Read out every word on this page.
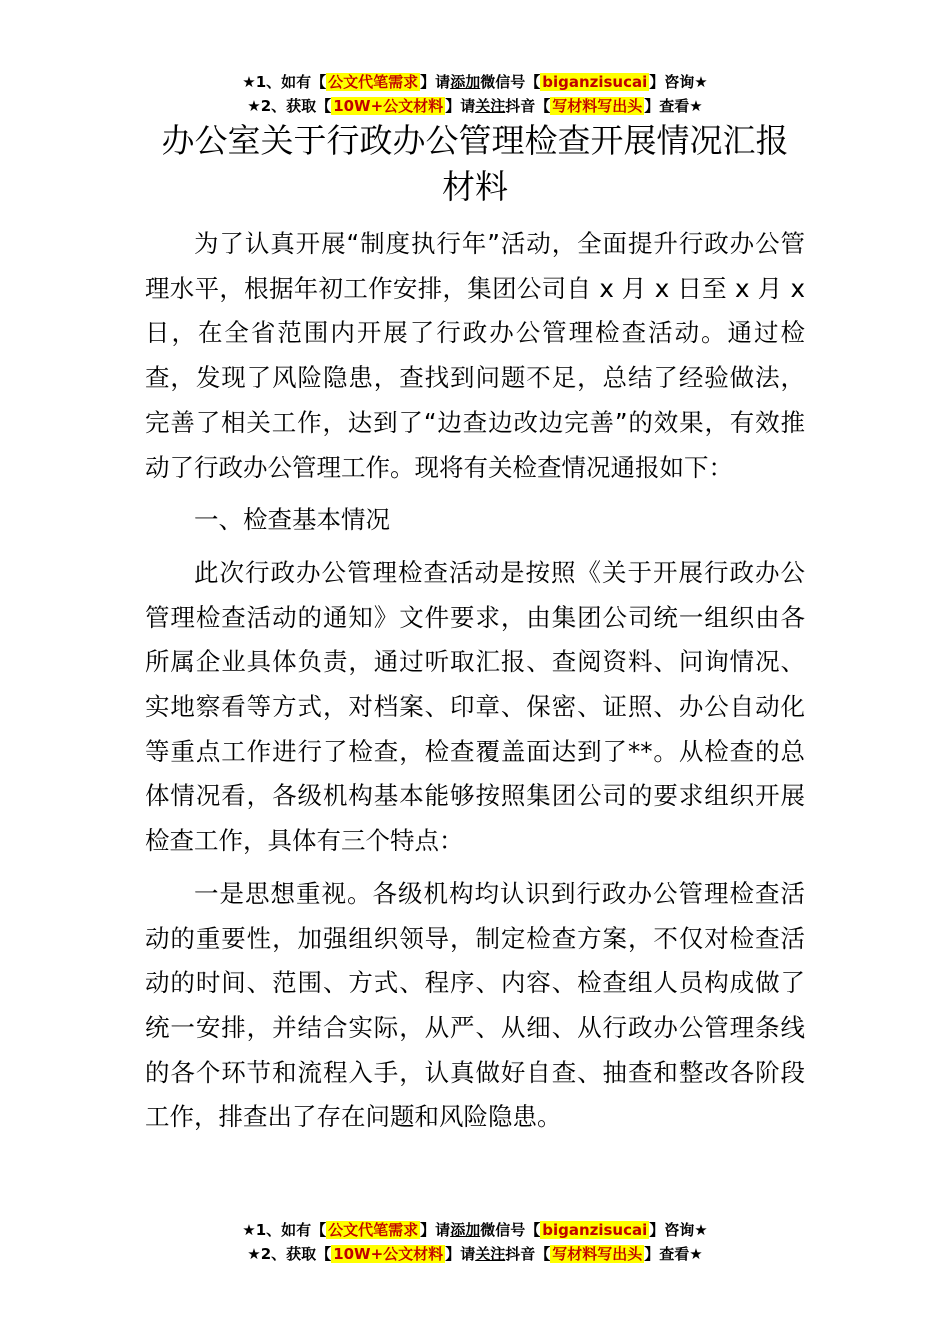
★1、如有【 公文代笔需求 】请添加微信号【 biganzisucai 】咨询★
★2、获取【 10W+公文材料 】请关注抖音【 写材料写出头 】查看★
办公室关于行政办公管理检查开展情况汇报
材料

为了认真开展“制度执行年”活动，全面提升行政办公管理水平，根据年初工作安排，集团公司自 x 月 x 日至 x 月 x 日，在全省范围内开展了行政办公管理检查活动。通过检查，发现了风险隐患，查找到问题不足，总结了经验做法，完善了相关工作，达到了“边查边改边完善”的效果，有效推动了行政办公管理工作。现将有关检查情况通报如下：

一、检查基本情况

此次行政办公管理检查活动是按照《关于开展行政办公管理检查活动的通知》文件要求，由集团公司统一组织由各所属企业具体负责，通过听取汇报、查阅资料、问询情况、实地察看等方式，对档案、印章、保密、证照、办公自动化等重点工作进行了检查，检查覆盖面达到了**。从检查的总体情况看，各级机构基本能够按照集团公司的要求组织开展检查工作，具体有三个特点：

一是思想重视。各级机构均认识到行政办公管理检查活动的重要性，加强组织领导，制定检查方案，不仅对检查活动的时间、范围、方式、程序、内容、检查组人员构成做了统一安排，并结合实际，从严、从细、从行政办公管理条线的各个环节和流程入手，认真做好自查、抽查和整改各阶段工作，排查出了存在问题和风险隐患。

★1、如有【 公文代笔需求 】请添加微信号【 biganzisucai 】咨询★
★2、获取【 10W+公文材料 】请关注抖音【 写材料写出头 】查看★
